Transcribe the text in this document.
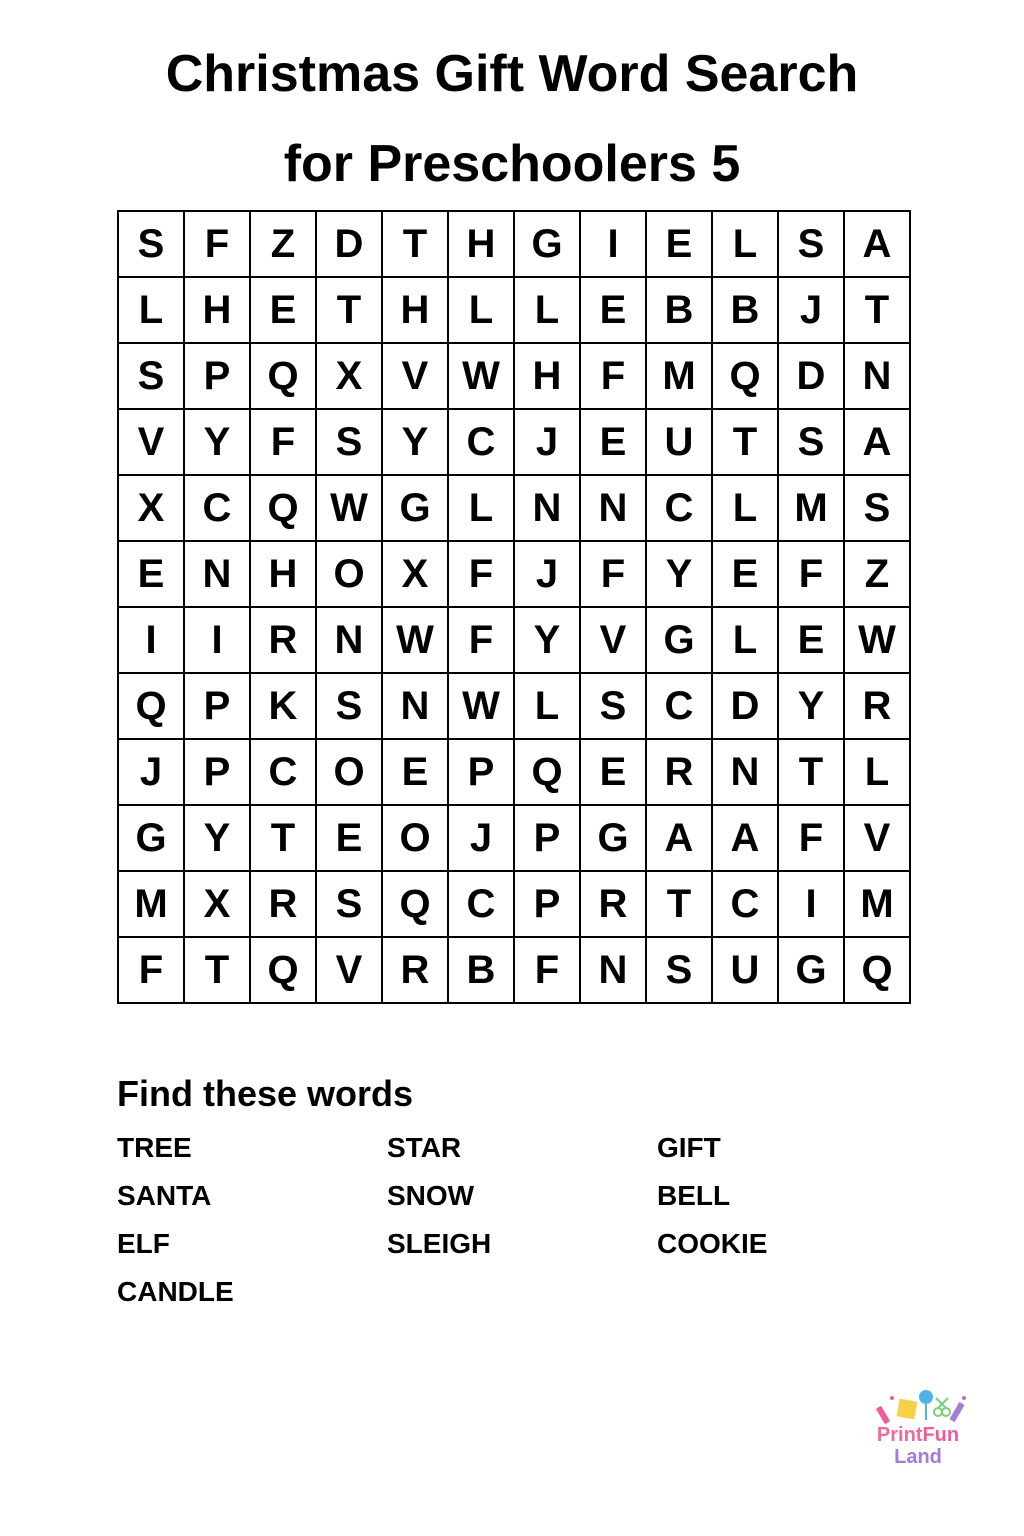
Christmas Gift Word Search
for Preschoolers 5
S	F	Z	D	T	H	G	I	E	L	S	A
L	H	E	T	H	L	L	E	B	B	J	T
S	P	Q	X	V	W	H	F	M	Q	D	N
V	Y	F	S	Y	C	J	E	U	T	S	A
X	C	Q	W	G	L	N	N	C	L	M	S
E	N	H	O	X	F	J	F	Y	E	F	Z
I	I	R	N	W	F	Y	V	G	L	E	W
Q	P	K	S	N	W	L	S	C	D	Y	R
J	P	C	O	E	P	Q	E	R	N	T	L
G	Y	T	E	O	J	P	G	A	A	F	V
M	X	R	S	Q	C	P	R	T	C	I	M
F	T	Q	V	R	B	F	N	S	U	G	Q
Find these words
TREE	STAR	GIFT
SANTA	SNOW	BELL
ELF	SLEIGH	COOKIE
CANDLE
PrintFun
Land
